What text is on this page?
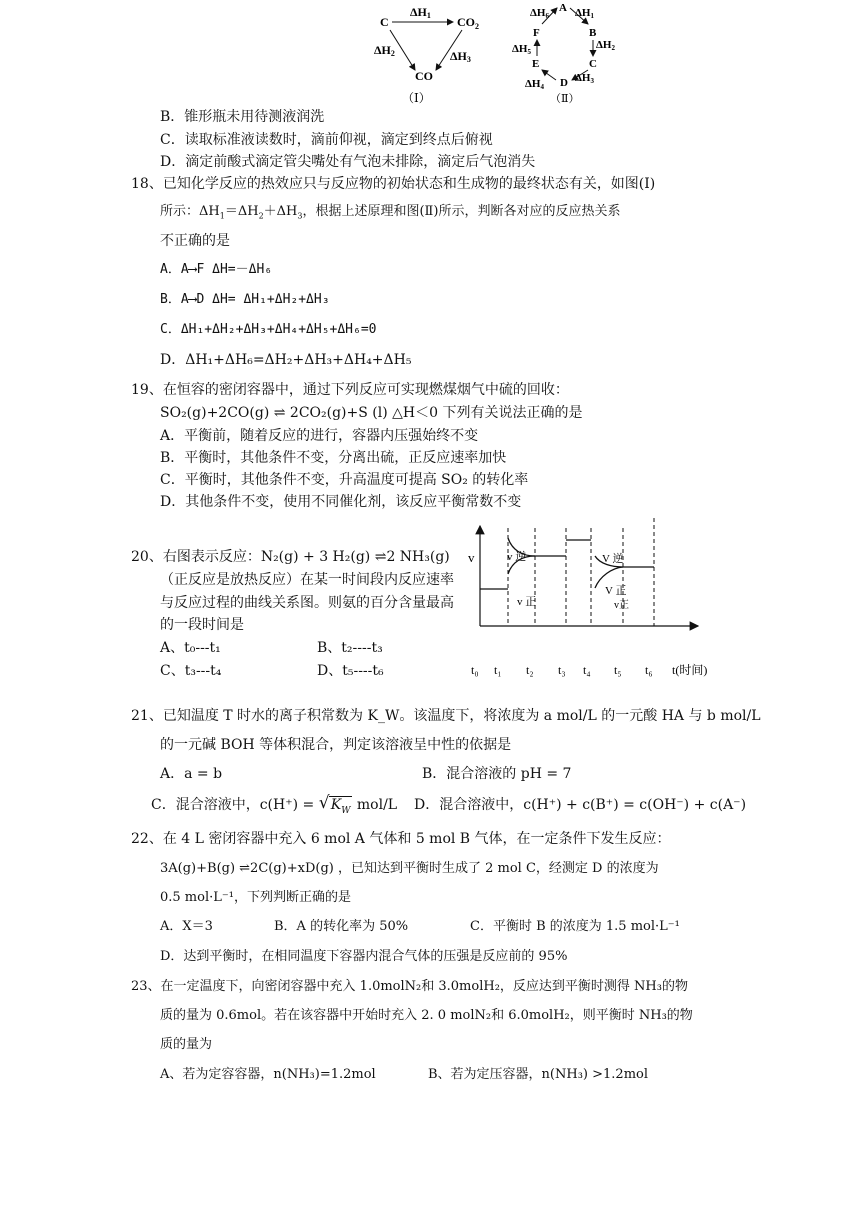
C	$CO_2$
CO
ΔH1
ΔH2	ΔH3
（Ⅰ）
A
B
C
D
E
F
ΔH6 ΔH1
ΔH2
ΔH3
ΔH4
ΔH5
（Ⅱ）
B．锥形瓶未用待测液润洗
C．读取标准液读数时，滴前仰视，滴定到终点后俯视
D．滴定前酸式滴定管尖嘴处有气泡未排除，滴定后气泡消失
18、已知化学反应的热效应只与反应物的初始状态和生成物的最终状态有关，如图(Ⅰ)
所示：$\Delta H_1=\Delta H_2+\Delta H_3$，根据上述原理和图(Ⅱ)所示，判断各对应的反应热关系
不正确的是
A．A⟶F ΔH=－ΔH₆
B．A⟶D ΔH= ΔH₁+ΔH₂+ΔH₃
C．ΔH₁+ΔH₂+ΔH₃+ΔH₄+ΔH₅+ΔH₆=0
D．ΔH₁+ΔH₆=ΔH₂+ΔH₃+ΔH₄+ΔH₅
19、在恒容的密闭容器中，通过下列反应可实现燃煤烟气中硫的回收：
SO₂(g)+2CO(g) ⇌ 2CO₂(g)+S (l) △H＜0 下列有关说法正确的是
A．平衡前，随着反应的进行，容器内压强始终不变
B．平衡时，其他条件不变，分离出硫，正反应速率加快
C．平衡时，其他条件不变，升高温度可提高 SO₂ 的转化率
D．其他条件不变，使用不同催化剂，该反应平衡常数不变
20、右图表示反应：N₂(g) + 3 H₂(g) ⇌2 NH₃(g)
（正反应是放热反应）在某一时间段内反应速率
与反应过程的曲线关系图。则氨的百分含量最高
的一段时间是
A、t₀---t₁	B、t₂----t₃
C、t₃---t₄	D、t₅----t₆
v	v 逆
v 正
V 逆
V 正
v正
t₀ t₁ t₂ t₃ t₄ t₅ t₆ t(时间)
21、已知温度 T 时水的离子积常数为 K_W。该温度下，将浓度为 a mol/L 的一元酸 HA 与 b mol/L
的一元碱 BOH 等体积混合，判定该溶液呈中性的依据是
A．a = b	B．混合溶液的 pH = 7
C．混合溶液中，c(H⁺) = √ $K_W$ mol/L D．混合溶液中，c(H⁺) + c(B⁺) = c(OH⁻) + c(A⁻)
22、在 4 L 密闭容器中充入 6 mol A 气体和 5 mol B 气体，在一定条件下发生反应：
3A(g)+B(g) ⇌2C(g)+xD(g) ，已知达到平衡时生成了 2 mol C，经测定 D 的浓度为
0.5 mol·L⁻¹，下列判断正确的是
A．X＝3	B．A 的转化率为 50%	C．平衡时 B 的浓度为 1.5 mol·L⁻¹
D．达到平衡时，在相同温度下容器内混合气体的压强是反应前的 95%
23、在一定温度下，向密闭容器中充入 1.0molN₂和 3.0molH₂，反应达到平衡时测得 NH₃的物
质的量为 0.6mol。若在该容器中开始时充入 2. 0 molN₂和 6.0molH₂，则平衡时 NH₃的物
质的量为
A、若为定容容器，n(NH₃)=1.2mol	B、若为定压容器，n(NH₃) >1.2mol
